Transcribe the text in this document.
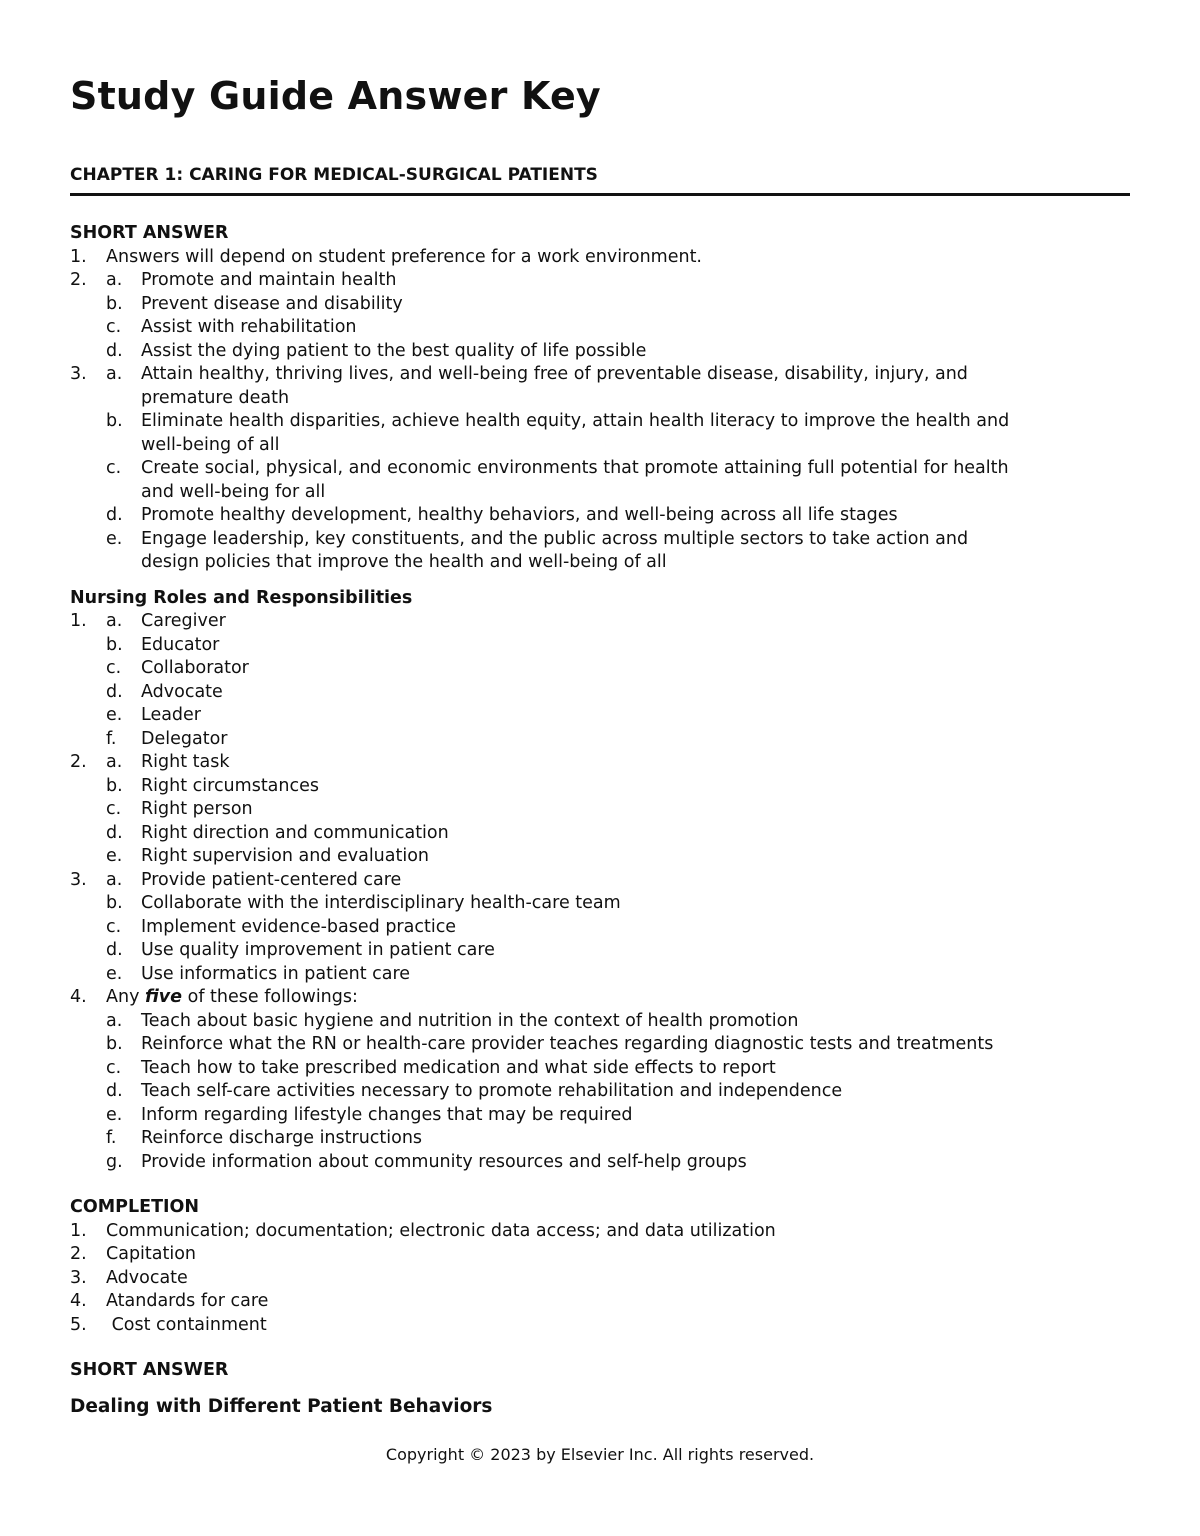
Study Guide Answer Key
CHAPTER 1: CARING FOR MEDICAL-SURGICAL PATIENTS
SHORT ANSWER
1. Answers will depend on student preference for a work environment.
2. a. Promote and maintain health
b. Prevent disease and disability
c. Assist with rehabilitation
d. Assist the dying patient to the best quality of life possible
3. a. Attain healthy, thriving lives, and well-being free of preventable disease, disability, injury, and
premature death
b. Eliminate health disparities, achieve health equity, attain health literacy to improve the health and
well-being of all
c. Create social, physical, and economic environments that promote attaining full potential for health
and well-being for all
d. Promote healthy development, healthy behaviors, and well-being across all life stages
e. Engage leadership, key constituents, and the public across multiple sectors to take action and
design policies that improve the health and well-being of all
Nursing Roles and Responsibilities
1. a. Caregiver
b. Educator
c. Collaborator
d. Advocate
e. Leader
f. Delegator
2. a. Right task
b. Right circumstances
c. Right person
d. Right direction and communication
e. Right supervision and evaluation
3. a. Provide patient-centered care
b. Collaborate with the interdisciplinary health-care team
c. Implement evidence-based practice
d. Use quality improvement in patient care
e. Use informatics in patient care
4. Any five of these followings:
a. Teach about basic hygiene and nutrition in the context of health promotion
b. Reinforce what the RN or health-care provider teaches regarding diagnostic tests and treatments
c. Teach how to take prescribed medication and what side effects to report
d. Teach self-care activities necessary to promote rehabilitation and independence
e. Inform regarding lifestyle changes that may be required
f. Reinforce discharge instructions
g. Provide information about community resources and self-help groups
COMPLETION
1. Communication; documentation; electronic data access; and data utilization
2. Capitation
3. Advocate
4. Atandards for care
5. Cost containment
SHORT ANSWER
Dealing with Different Patient Behaviors
Copyright © 2023 by Elsevier Inc. All rights reserved.
